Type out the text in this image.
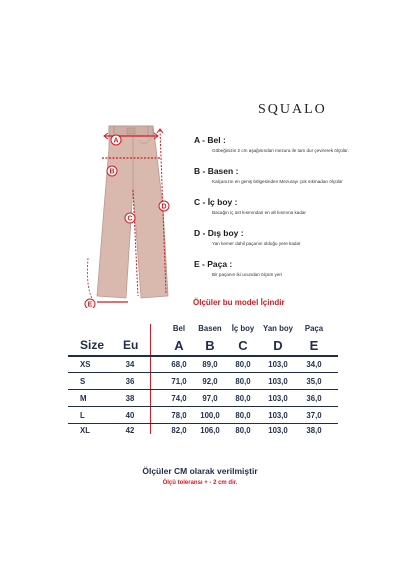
SQUALO
A
B
C
D
E
A - Bel :
Göbeğinizin 2 cm aşağısından mezura ile tam dur çevirerek ölçülür.
B - Basen :
Kalçanızın en geniş bölgesinden Mezurayı çok sıkmadan ölçülür
C - İç boy :
Bacağın iç üst kısmından en alt kısmına kadar
D - Dış boy :
Yan kemer dahil paçanın olduğu yere kadar
E - Paça :
Bir paçanın iki ucundan ölçüm yeri
Ölçüler bu model İçindir
Size Eu
Bel	Basen	İç boy	Yan boy	Paça
A	B	C	D	E
XS	34	68,0	89,0	80,0	103,0	34,0
S	36	71,0	92,0	80,0	103,0	35,0
M	38	74,0	97,0	80,0	103,0	36,0
L	40	78,0	100,0	80,0	103,0	37,0
XL	42	82,0	106,0	80,0	103,0	38,0
Ölçüler CM olarak verilmiştir
Ölçü toleransı + - 2 cm dir.
